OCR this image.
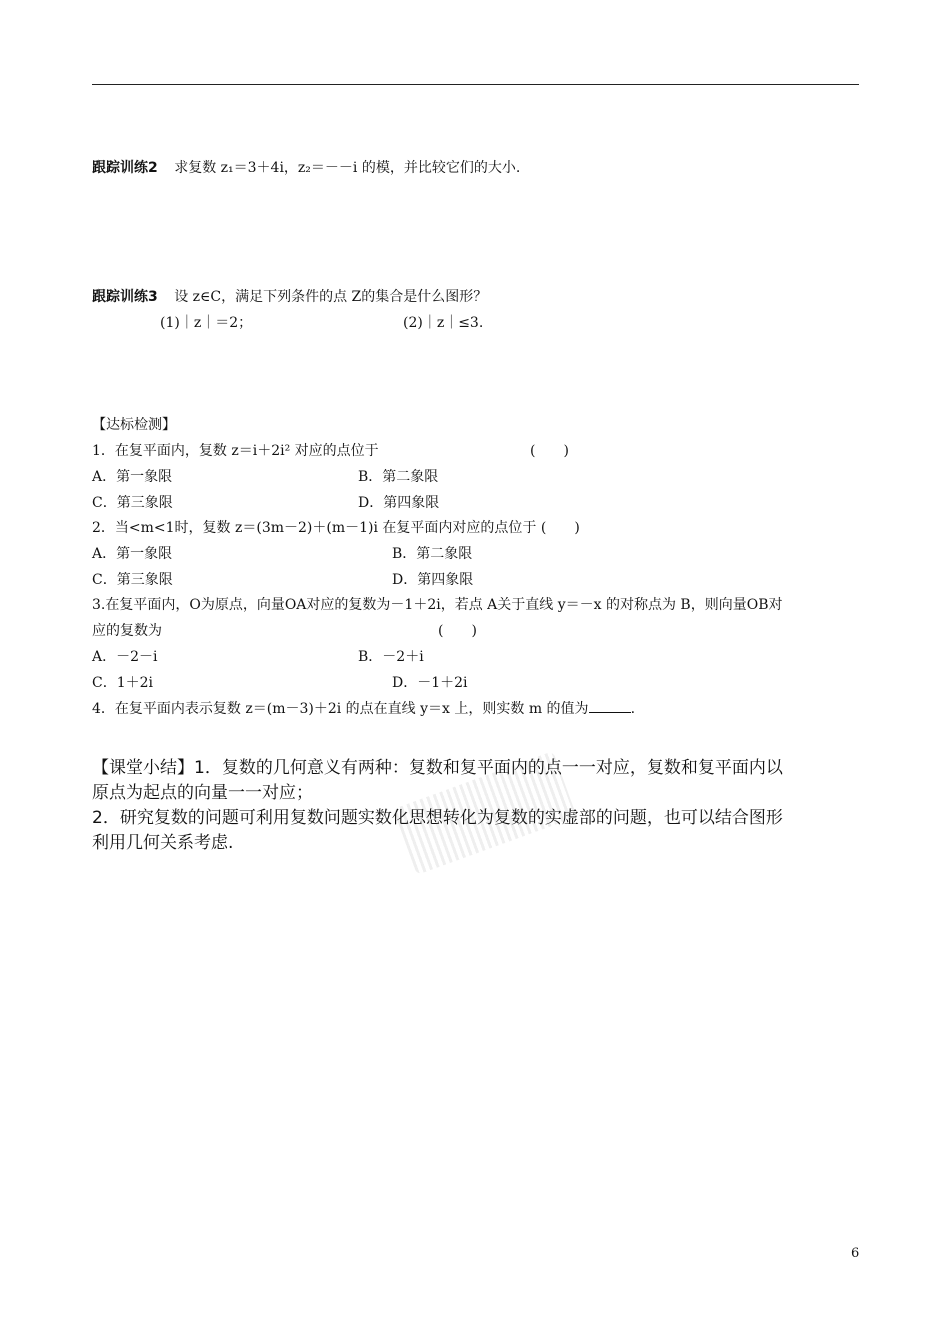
跟踪训练2 求复数 z₁＝3＋4i，z₂＝－－i 的模，并比较它们的大小.
跟踪训练3 设 z∈C，满足下列条件的点 Z的集合是什么图形？
(1)｜z｜＝2；	(2)｜z｜≤3.
【达标检测】
1．在复平面内，复数 z＝i＋2i² 对应的点位于	(　　)
A．第一象限	B．第二象限
C．第三象限	D．第四象限
2．当<m<1时，复数 z＝(3m－2)＋(m－1)i 在复平面内对应的点位于 (　　)
A．第一象限	B．第二象限
C．第三象限	D．第四象限
3.在复平面内，O为原点，向量OA对应的复数为－1＋2i，若点 A关于直线 y＝－x 的对称点为 B，则向量OB对
应的复数为	(　　)
A．－2－i	B．－2＋i
C．1＋2i	D．－1＋2i
4．在复平面内表示复数 z＝(m－3)＋2i 的点在直线 y＝x 上，则实数 m 的值为	.
【课堂小结】1．复数的几何意义有两种：复数和复平面内的点一一对应，复数和复平面内以
原点为起点的向量一一对应；
2．研究复数的问题可利用复数问题实数化思想转化为复数的实虚部的问题，也可以结合图形
利用几何关系考虑.
6
